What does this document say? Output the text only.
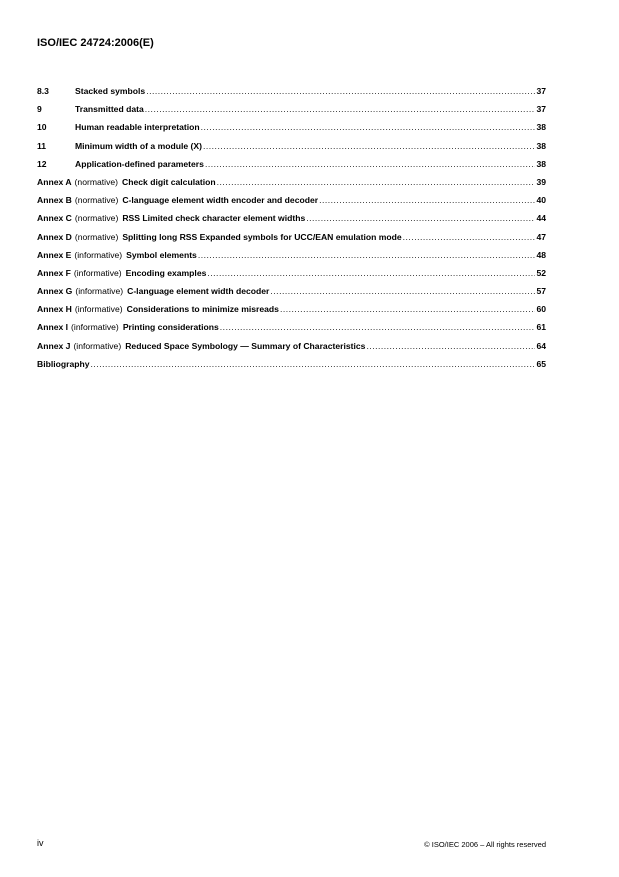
ISO/IEC 24724:2006(E)
8.3	Stacked symbols .....	37
9	Transmitted data .....	37
10	Human readable interpretation .....	38
11	Minimum width of a module (X) .....	38
12	Application-defined parameters .....	38
Annex A (normative) Check digit calculation .....	39
Annex B (normative) C-language element width encoder and decoder .....	40
Annex C (normative) RSS Limited check character element widths .....	44
Annex D (normative) Splitting long RSS Expanded symbols for UCC/EAN emulation mode .....	47
Annex E (informative) Symbol elements .....	48
Annex F (informative) Encoding examples .....	52
Annex G (informative) C-language element width decoder .....	57
Annex H (informative) Considerations to minimize misreads .....	60
Annex I (informative) Printing considerations .....	61
Annex J (informative) Reduced Space Symbology — Summary of Characteristics .....	64
Bibliography .....	65
iv	© ISO/IEC 2006 – All rights reserved
